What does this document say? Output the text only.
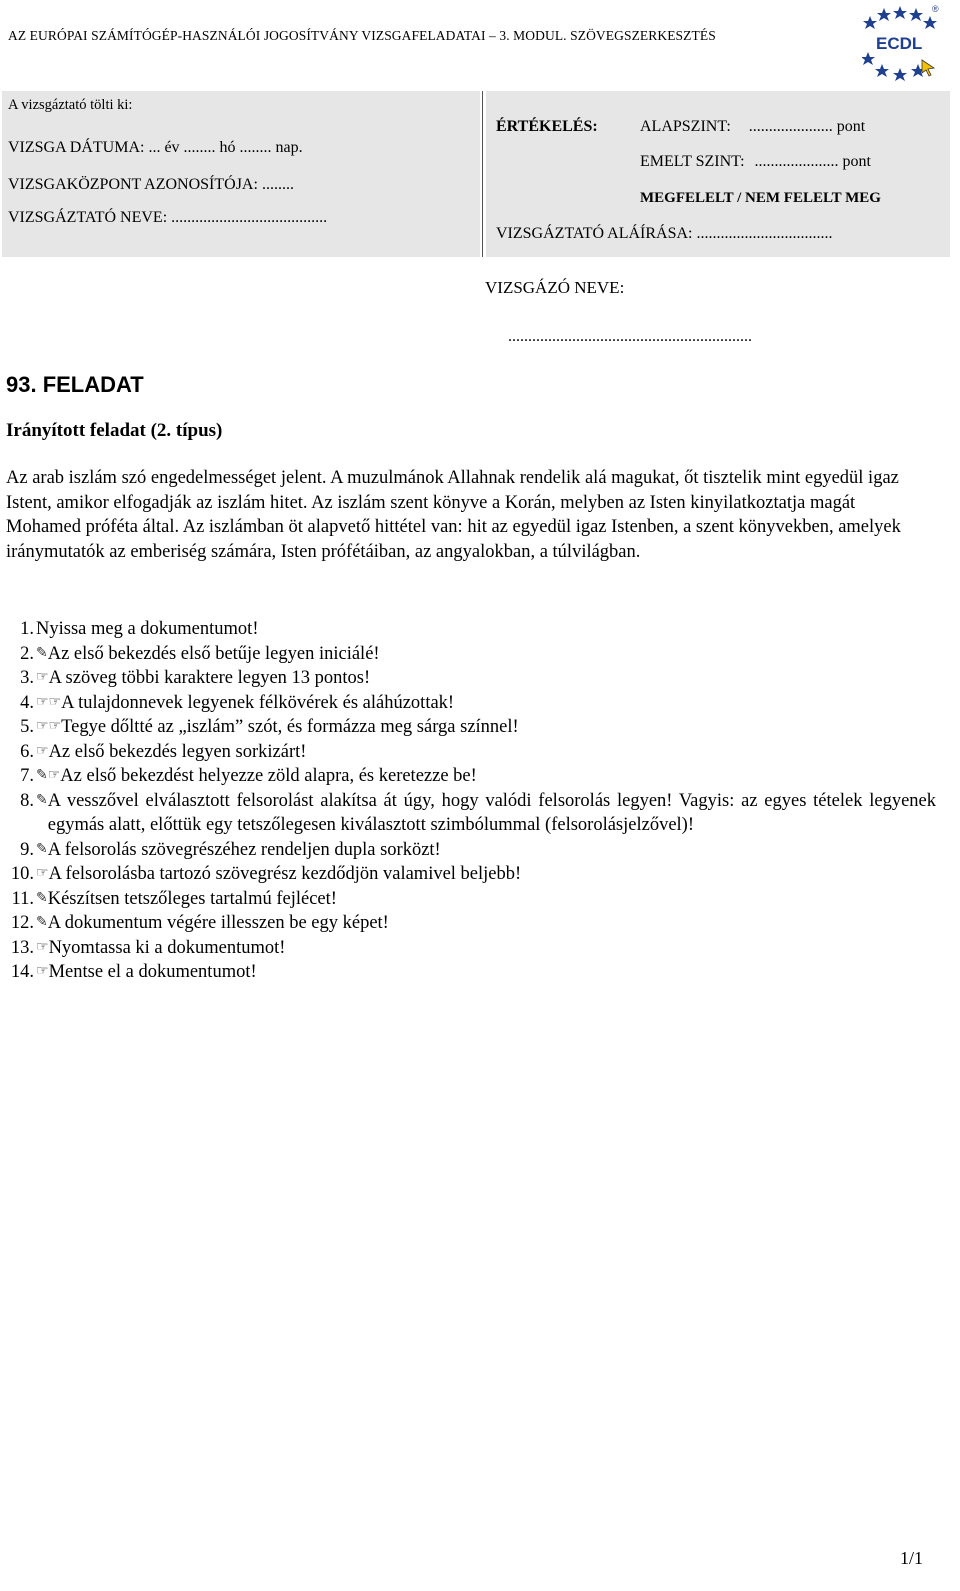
AZ EURÓPAI SZÁMÍTÓGÉP-HASZNÁLÓI JOGOSÍTVÁNY VIZSGAFELADATAI – 3. MODUL. SZÖVEGSZERKESZTÉS
®
ECDL
A vizsgáztató tölti ki:
VIZSGA DÁTUMA: ... év ........ hó ........ nap.
VIZSGAKÖZPONT AZONOSÍTÓJA: ........
VIZSGÁZTATÓ NEVE: .......................................
ÉRTÉKELÉS:	ALAPSZINT: ..................... pont
EMELT SZINT: ..................... pont
MEGFELELT / NEM FELELT MEG
VIZSGÁZTATÓ ALÁÍRÁSA: ..................................
VIZSGÁZÓ NEVE:
.............................................................
93. FELADAT
Irányított feladat (2. típus)
Az arab iszlám szó engedelmességet jelent. A muzulmánok Allahnak rendelik alá magukat, őt tisztelik mint egyedül igaz Istent, amikor elfogadják az iszlám hitet. Az iszlám szent könyve a Korán, melyben az Isten kinyilatkoztatja magát Mohamed próféta által. Az iszlámban öt alapvető hittétel van: hit az egyedül igaz Istenben, a szent könyvekben, amelyek iránymutatók az emberiség számára, Isten prófétáiban, az angyalokban, a túlvilágban.
1. Nyissa meg a dokumentumot!
2. ✎ Az első bekezdés első betűje legyen iniciálé!
3. ☞ A szöveg többi karaktere legyen 13 pontos!
4. ☞☞ A tulajdonnevek legyenek félkövérek és aláhúzottak!
5. ☞☞ Tegye dőltté az „iszlám” szót, és formázza meg sárga színnel!
6. ☞ Az első bekezdés legyen sorkizárt!
7. ✎☞ Az első bekezdést helyezze zöld alapra, és keretezze be!
8. ✎ A vesszővel elválasztott felsorolást alakítsa át úgy, hogy valódi felsorolás legyen! Vagyis: az egyes tételek legyenek egymás alatt, előttük egy tetszőlegesen kiválasztott szimbólummal (felsorolásjelzővel)!
9. ✎ A felsorolás szövegrészéhez rendeljen dupla sorközt!
10. ☞ A felsorolásba tartozó szövegrész kezdődjön valamivel beljebb!
11. ✎ Készítsen tetszőleges tartalmú fejlécet!
12. ✎ A dokumentum végére illesszen be egy képet!
13. ☞ Nyomtassa ki a dokumentumot!
14. ☞ Mentse el a dokumentumot!
1/1
